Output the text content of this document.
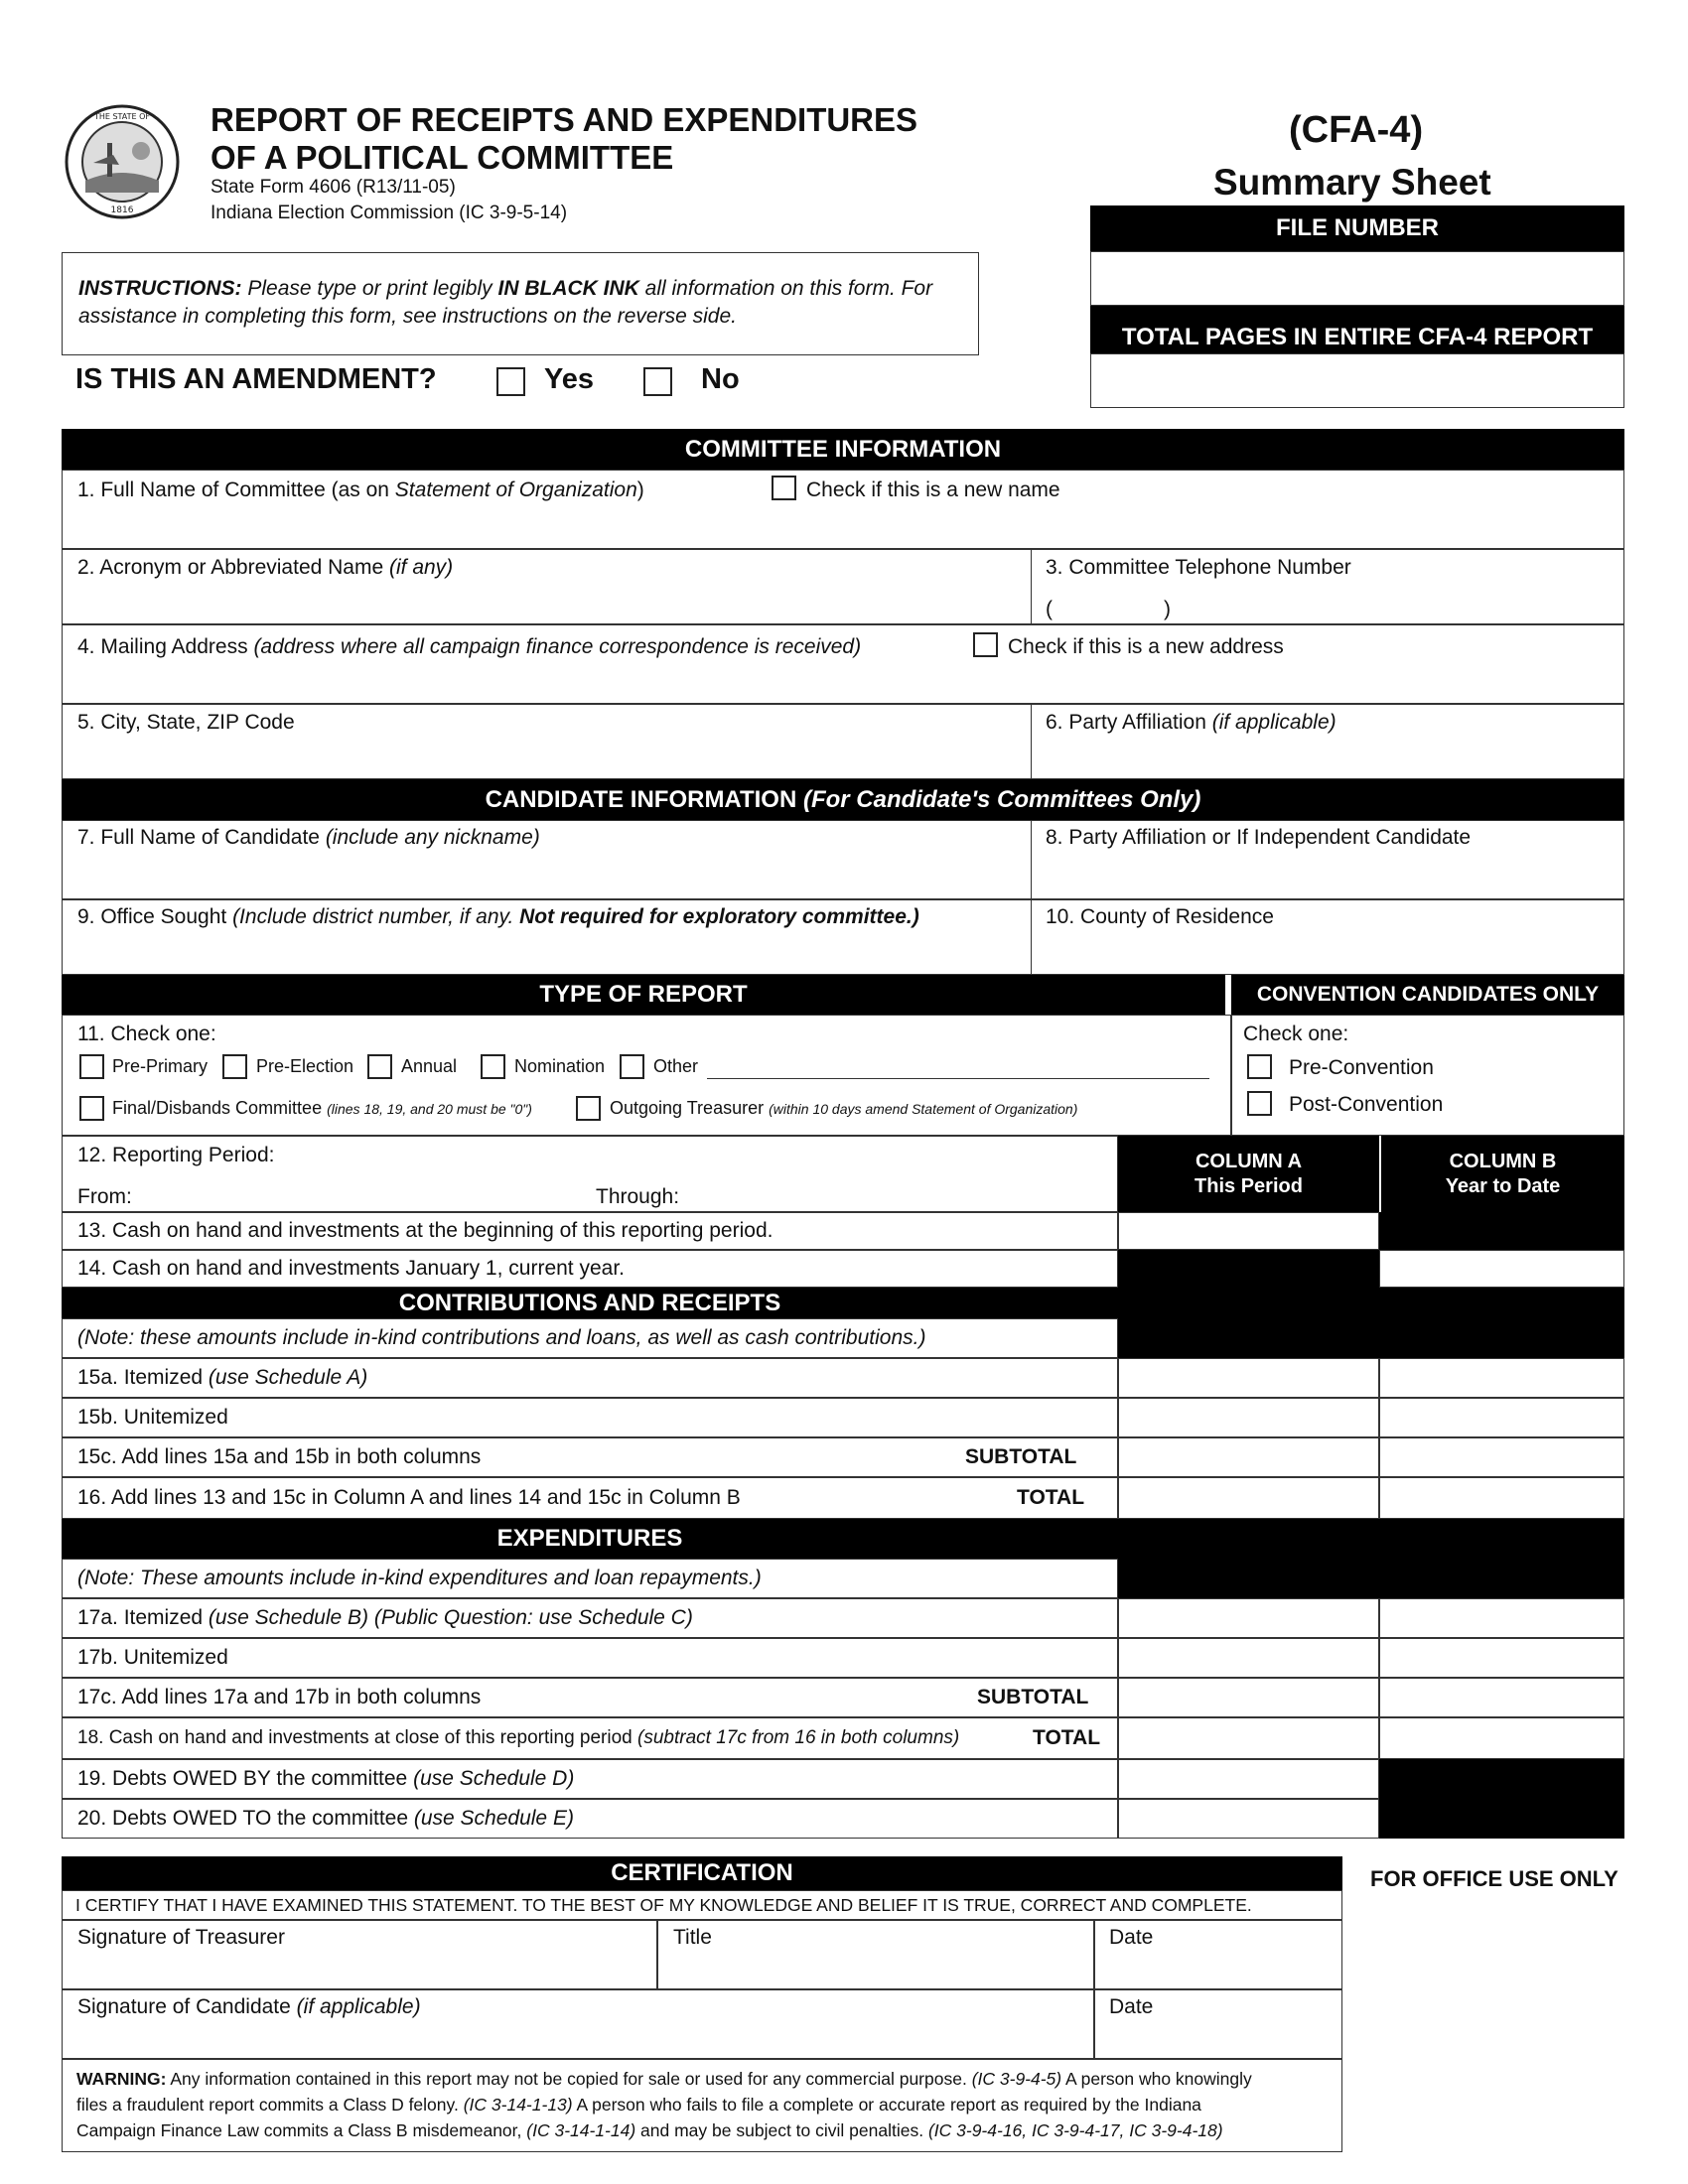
THE STATE OF
1816
REPORT OF RECEIPTS AND EXPENDITURES
OF A POLITICAL COMMITTEE
State Form 4606 (R13/11-05)
Indiana Election Commission (IC 3-9-5-14)
(CFA-4)
Summary Sheet
FILE NUMBER
TOTAL PAGES IN ENTIRE CFA-4 REPORT
INSTRUCTIONS: Please type or print legibly IN BLACK INK all information on this form. For
assistance in completing this form, see instructions on the reverse side.
IS THIS AN AMENDMENT?	Yes	No
COMMITTEE INFORMATION
1. Full Name of Committee (as on Statement of Organization)	Check if this is a new name
2. Acronym or Abbreviated Name (if any)	3. Committee Telephone Number
(	)
4. Mailing Address (address where all campaign finance correspondence is received)	Check if this is a new address
5. City, State, ZIP Code	6. Party Affiliation (if applicable)
CANDIDATE INFORMATION
(For Candidate's Committees Only)
7. Full Name of Candidate (include any nickname)	8. Party Affiliation or If Independent Candidate
9. Office Sought (Include district number, if any. Not required for exploratory committee.)	10. County of Residence
TYPE OF REPORT	CONVENTION CANDIDATES ONLY
11. Check one:
Pre-Primary	Pre-Election	Annual	Nomination	Other
Final/Disbands Committee (lines 18, 19, and 20 must be "0")	Outgoing Treasurer (within 10 days amend Statement of Organization)
Check one:
Pre-Convention
Post-Convention
12. Reporting Period:
From:	Through:
COLUMN A
This Period
COLUMN B
Year to Date
13. Cash on hand and investments at the beginning of this reporting period.
14. Cash on hand and investments January 1, current year.
CONTRIBUTIONS AND RECEIPTS
(Note: these amounts include in-kind contributions and loans, as well as cash contributions.)
15a. Itemized (use Schedule A)
15b. Unitemized
15c. Add lines 15a and 15b in both columns	SUBTOTAL
16. Add lines 13 and 15c in Column A and lines 14 and 15c in Column B	TOTAL
EXPENDITURES
(Note: These amounts include in-kind expenditures and loan repayments.)
17a. Itemized (use Schedule B) (Public Question: use Schedule C)
17b. Unitemized
17c. Add lines 17a and 17b in both columns	SUBTOTAL
18. Cash on hand and investments at close of this reporting period (subtract 17c from 16 in both columns)	TOTAL
19. Debts OWED BY the committee (use Schedule D)
20. Debts OWED TO the committee (use Schedule E)
CERTIFICATION
I CERTIFY THAT I HAVE EXAMINED THIS STATEMENT. TO THE BEST OF MY KNOWLEDGE AND BELIEF IT IS TRUE, CORRECT AND COMPLETE.
Signature of Treasurer	Title	Date
Signature of Candidate (if applicable)	Date
FOR OFFICE USE ONLY
WARNING: Any information contained in this report may not be copied for sale or used for any commercial purpose. (IC 3-9-4-5) A person who knowingly
files a fraudulent report commits a Class D felony. (IC 3-14-1-13) A person who fails to file a complete or accurate report as required by the Indiana
Campaign Finance Law commits a Class B misdemeanor, (IC 3-14-1-14) and may be subject to civil penalties. (IC 3-9-4-16, IC 3-9-4-17, IC 3-9-4-18)
